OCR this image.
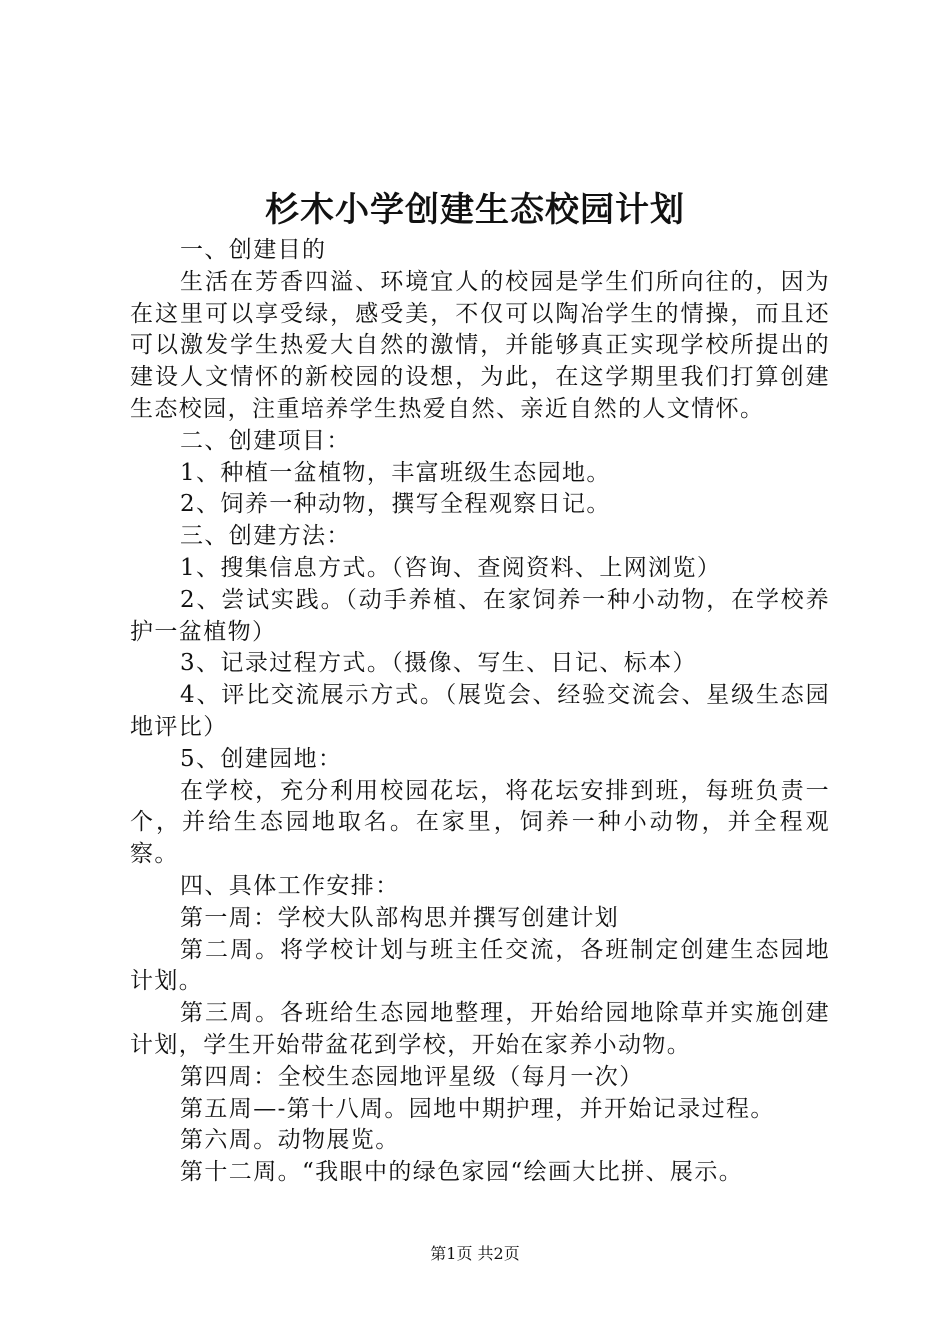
杉木小学创建生态校园计划

一、创建目的

生活在芳香四溢、环境宜人的校园是学生们所向往的，因为在这里可以享受绿，感受美，不仅可以陶冶学生的情操，而且还可以激发学生热爱大自然的激情，并能够真正实现学校所提出的建设人文情怀的新校园的设想，为此，在这学期里我们打算创建生态校园，注重培养学生热爱自然、亲近自然的人文情怀。

二、创建项目：

1、种植一盆植物，丰富班级生态园地。

2、饲养一种动物，撰写全程观察日记。

三、创建方法：

1、搜集信息方式。（咨询、查阅资料、上网浏览）

2、尝试实践。（动手养植、在家饲养一种小动物，在学校养护一盆植物）

3、记录过程方式。（摄像、写生、日记、标本）

4、评比交流展示方式。（展览会、经验交流会、星级生态园地评比）

5、创建园地：

在学校，充分利用校园花坛，将花坛安排到班，每班负责一个，并给生态园地取名。在家里，饲养一种小动物，并全程观察。

四、具体工作安排：

第一周：学校大队部构思并撰写创建计划

第二周。将学校计划与班主任交流，各班制定创建生态园地计划。

第三周。各班给生态园地整理，开始给园地除草并实施创建计划，学生开始带盆花到学校，开始在家养小动物。

第四周：全校生态园地评星级（每月一次）

第五周—-第十八周。园地中期护理，并开始记录过程。

第六周。动物展览。

第十二周。“我眼中的绿色家园“绘画大比拼、展示。

第1页 共2页
